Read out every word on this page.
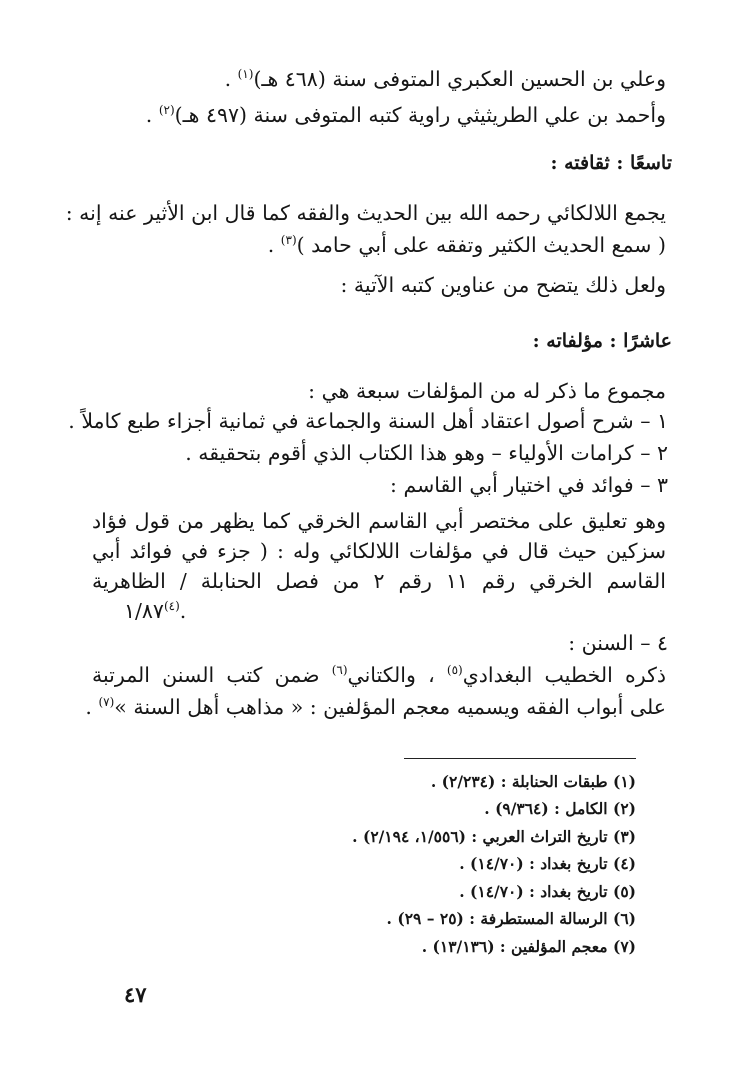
وعلي بن الحسين العكبري المتوفى سنة (٤٦٨ هـ)$^{(١)}$ .
وأحمد بن علي الطريثيثي راوية كتبه المتوفى سنة (٤٩٧ هـ)$^{(٢)}$ .
تاسعًا : ثقافته :
يجمع اللالكائي رحمه الله بين الحديث والفقه كما قال ابن الأثير عنه إنه :
( سمع الحديث الكثير وتفقه على أبي حامد )$^{(٣)}$ .
ولعل ذلك يتضح من عناوين كتبه الآتية :
عاشرًا : مؤلفاته :
مجموع ما ذكر له من المؤلفات سبعة هي :
١ – شرح أصول اعتقاد أهل السنة والجماعة في ثمانية أجزاء طبع كاملاً .
٢ – كرامات الأولياء – وهو هذا الكتاب الذي أقوم بتحقيقه .
٣ – فوائد في اختيار أبي القاسم :
وهو تعليق على مختصر أبي القاسم الخرقي كما يظهر من قول فؤاد
سزكين حيث قال في مؤلفات اللالكائي وله : ( جزء في فوائد أبي
القاسم الخرقي رقم ١١ رقم ٢ من فصل الحنابلة / الظاهرية
.$^{(٤)}$١/٨٧
٤ – السنن :
ذكره الخطيب البغدادي$^{(٥)}$ ، والكتاني$^{(٦)}$ ضمن كتب السنن المرتبة
على أبواب الفقه ويسميه معجم المؤلفين : « مذاهب أهل السنة »$^{(٧)}$ .
(١) طبقات الحنابلة : (٢/٢٣٤) .
(٢) الكامل : (٩/٣٦٤) .
(٣) تاريخ التراث العربي : (١/٥٥٦، ٢/١٩٤) .
(٤) تاريخ بغداد : (١٤/٧٠) .
(٥) تاريخ بغداد : (١٤/٧٠) .
(٦) الرسالة المستطرفة : (٢٥ – ٢٩) .
(٧) معجم المؤلفين : (١٣/١٣٦) .
٤٧
